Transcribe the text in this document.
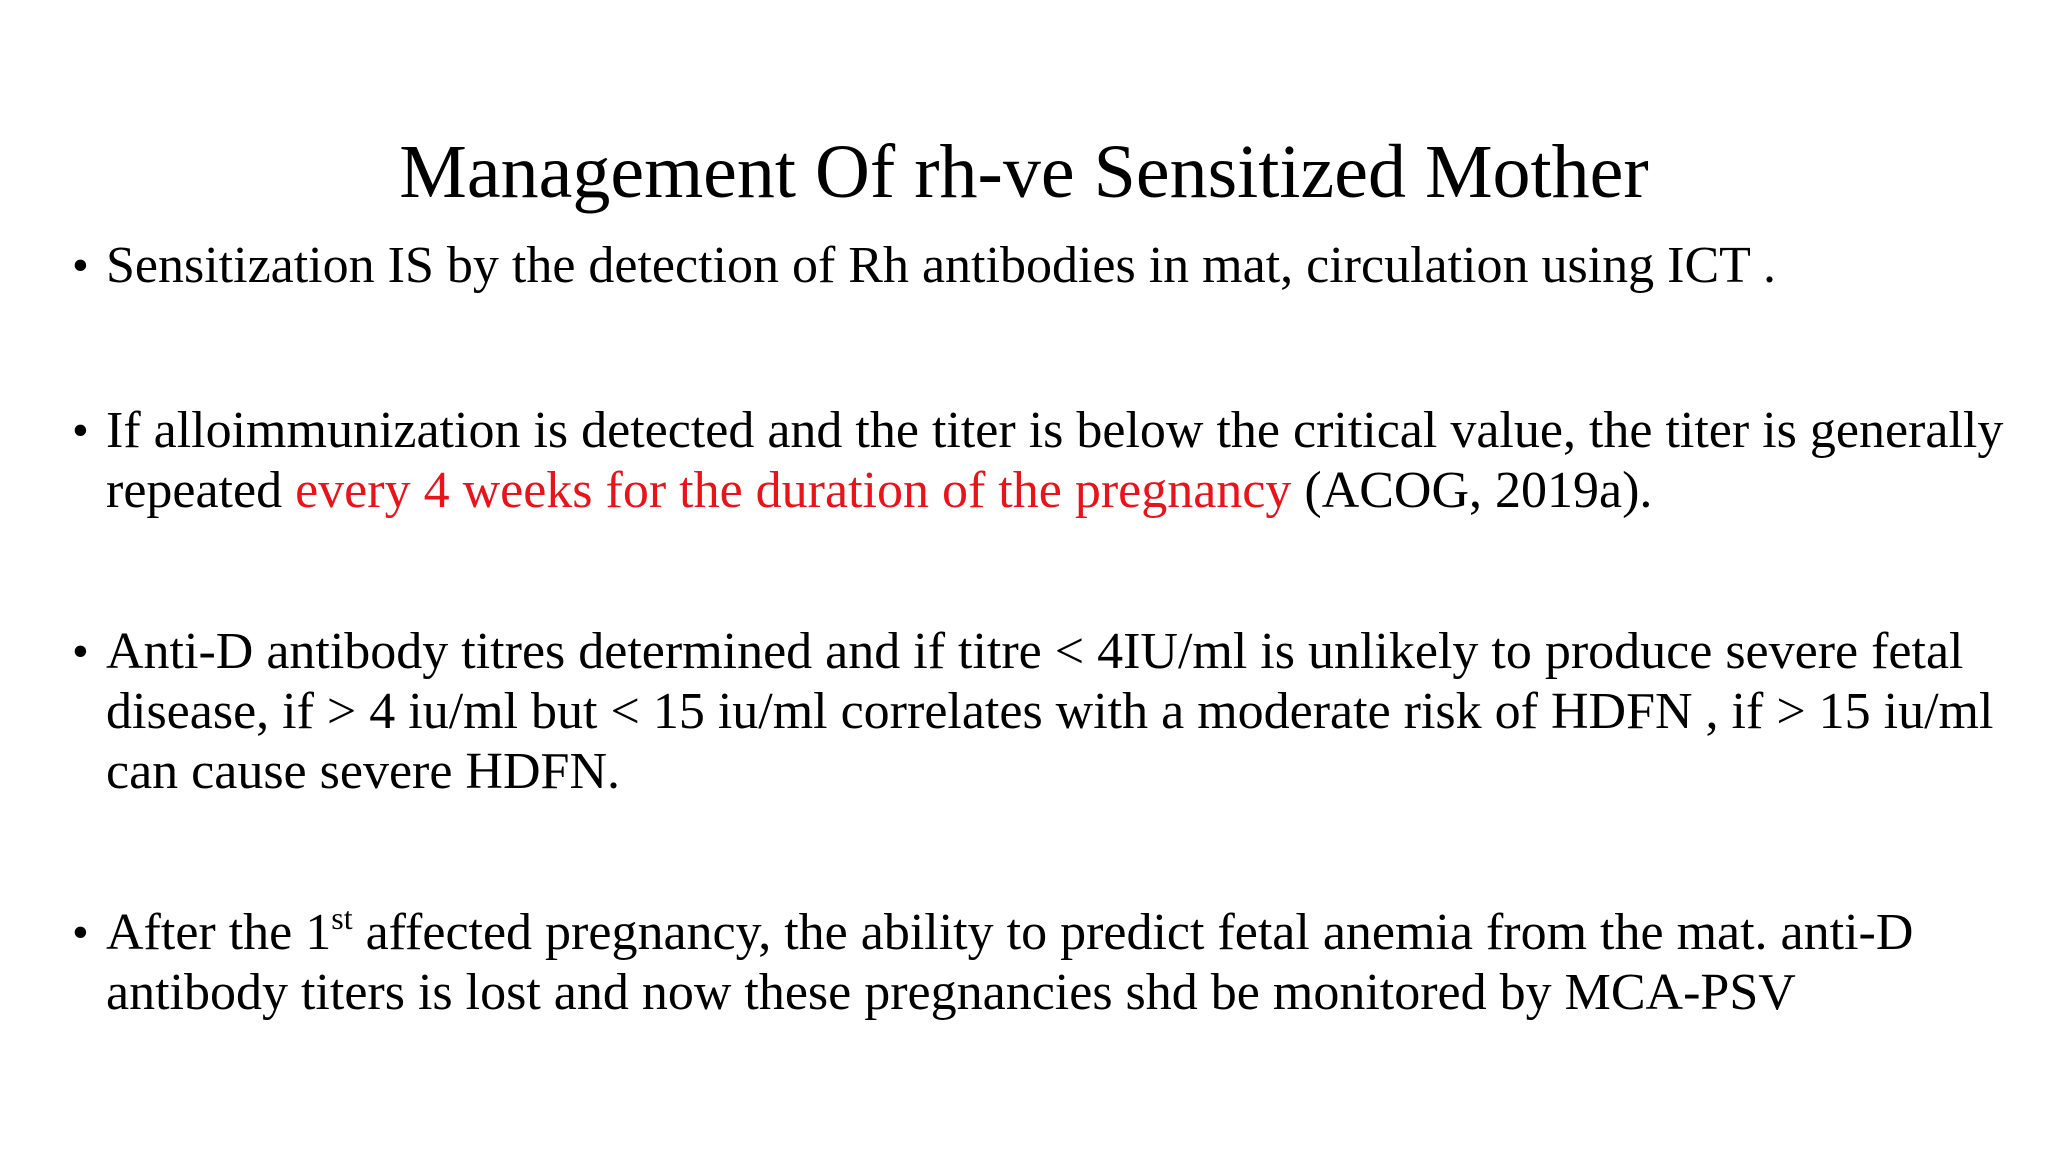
Management Of rh-ve Sensitized Mother
• Sensitization IS by the detection of Rh antibodies in mat, circulation using ICT .
• If alloimmunization is detected and the titer is below the critical value, the titer is generally repeated every 4 weeks for the duration of the pregnancy (ACOG, 2019a).
• Anti-D antibody titres determined and if titre < 4IU/ml is unlikely to produce severe fetal disease, if > 4 iu/ml but < 15 iu/ml correlates with a moderate risk of HDFN , if > 15 iu/ml can cause severe HDFN.
• After the 1st affected pregnancy, the ability to predict fetal anemia from the mat. anti-D antibody titers is lost and now these pregnancies shd be monitored by MCA-PSV
